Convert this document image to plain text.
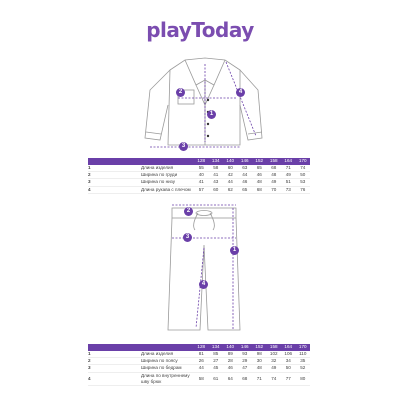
playToday
1
2
3
4
		128	134	140	146	152	158	164	170
1	Длина изделия	55	58	60	63	65	68	71	74
2	Ширина по груди	40	41	42	44	46	48	49	50
3	Ширина по низу	41	43	44	46	48	49	51	53
4	Длина рукава с плечом	57	60	62	65	68	70	73	76
1
2
3
4
		128	134	140	146	152	158	164	170
1	Длина изделия	81	85	89	93	98	102	106	110
2	Ширина по поясу	26	27	28	29	30	32	34	35
3	Ширина по бедрам	44	45	46	47	48	49	50	52
4	Длина по внутреннему шву брюк	58	61	64	68	71	74	77	80
